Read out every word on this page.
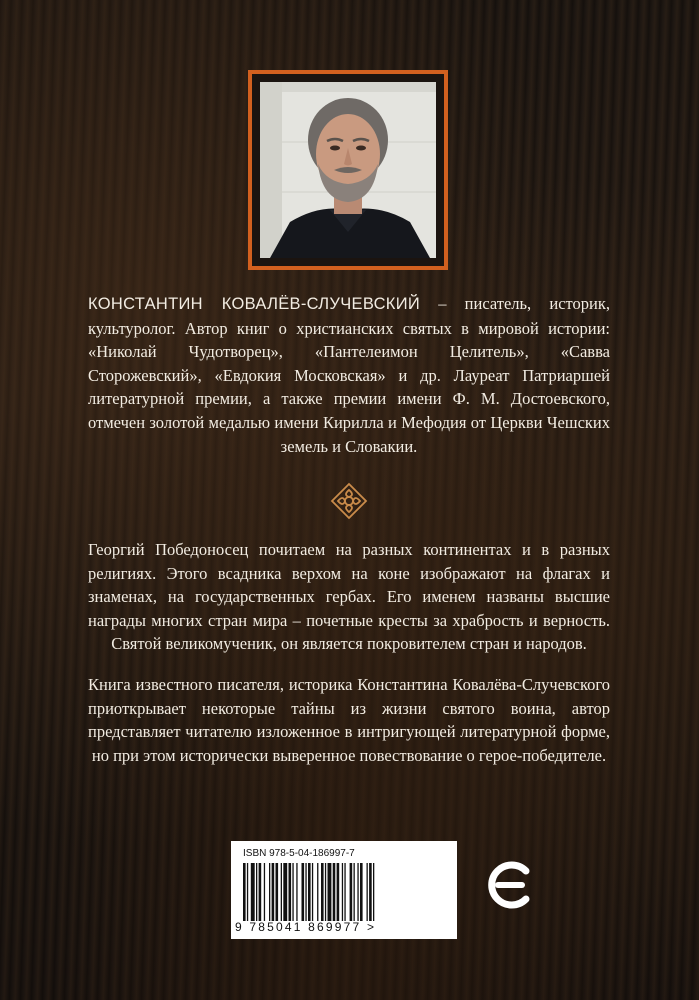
КОНСТАНТИН КОВАЛЁВ-СЛУЧЕВСКИЙ – писатель, историк, культуролог. Автор книг о христианских святых в мировой истории: «Николай Чудотворец», «Пантелеимон Целитель», «Савва Сторожевский», «Евдокия Московская» и др. Лауреат Патриаршей литературной премии, а также премии имени Ф. М. Достоевского, отмечен золотой медалью имени Кирилла и Мефодия от Церкви Чешских земель и Словакии.

Георгий Победоносец почитаем на разных континентах и в разных религиях. Этого всадника верхом на коне изображают на флагах и знаменах, на государственных гербах. Его именем названы высшие награды многих стран мира – почетные кресты за храбрость и верность. Святой великомученик, он является покровителем стран и народов.

Книга известного писателя, историка Константина Ковалёва-Случевского приоткрывает некоторые тайны из жизни святого воина, автор представляет читателю изложенное в интригующей литературной форме, но при этом исторически выверенное повествование о герое-победителе.

ISBN 978-5-04-186997-7
9 785041 869977 >
